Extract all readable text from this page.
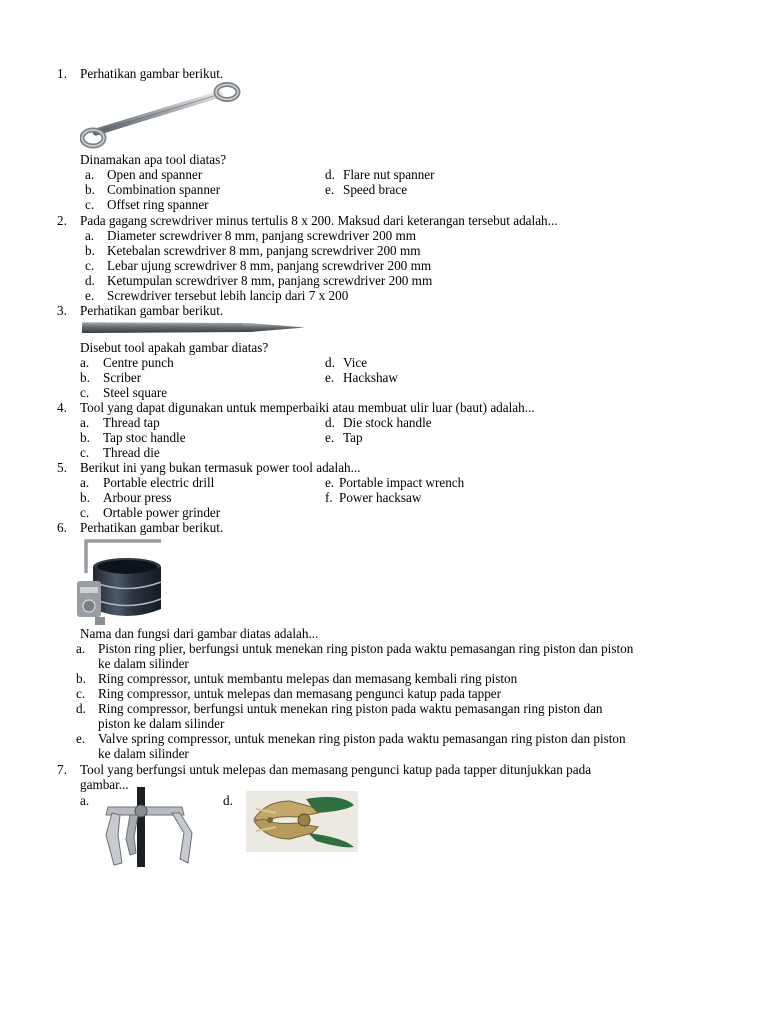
1. Perhatikan gambar berikut.
Dinamakan apa tool diatas?
a. Open and spanner
b. Combination spanner
c. Offset ring spanner
d. Flare nut spanner
e. Speed brace
2. Pada gagang screwdriver minus tertulis 8 x 200. Maksud dari keterangan tersebut adalah...
a. Diameter screwdriver 8 mm, panjang screwdriver 200 mm
b. Ketebalan screwdriver 8 mm, panjang screwdriver 200 mm
c. Lebar ujung screwdriver 8 mm, panjang screwdriver 200 mm
d. Ketumpulan screwdriver 8 mm, panjang screwdriver 200 mm
e. Screwdriver tersebut lebih lancip dari 7 x 200
3. Perhatikan gambar berikut.
Disebut tool apakah gambar diatas?
a. Centre punch
b. Scriber
c. Steel square
d. Vice
e. Hackshaw
4. Tool yang dapat digunakan untuk memperbaiki atau membuat ulir luar (baut) adalah...
a. Thread tap
b. Tap stoc handle
c. Thread die
d. Die stock handle
e. Tap
5. Berikut ini yang bukan termasuk power tool adalah...
a. Portable electric drill
b. Arbour press
c. Ortable power grinder
e. Portable impact wrench
f. Power hacksaw
6. Perhatikan gambar berikut.
Nama dan fungsi dari gambar diatas adalah...
a. Piston ring plier, berfungsi untuk menekan ring piston pada waktu pemasangan ring piston dan piston
ke dalam silinder
b. Ring compressor, untuk membantu melepas dan memasang kembali ring piston
c. Ring compressor, untuk melepas dan memasang pengunci katup pada tapper
d. Ring compressor, berfungsi untuk menekan ring piston pada waktu pemasangan ring piston dan
piston ke dalam silinder
e. Valve spring compressor, untuk menekan ring piston pada waktu pemasangan ring piston dan piston
ke dalam silinder
7. Tool yang berfungsi untuk melepas dan memasang pengunci katup pada tapper ditunjukkan pada
gambar...
a.	d.
